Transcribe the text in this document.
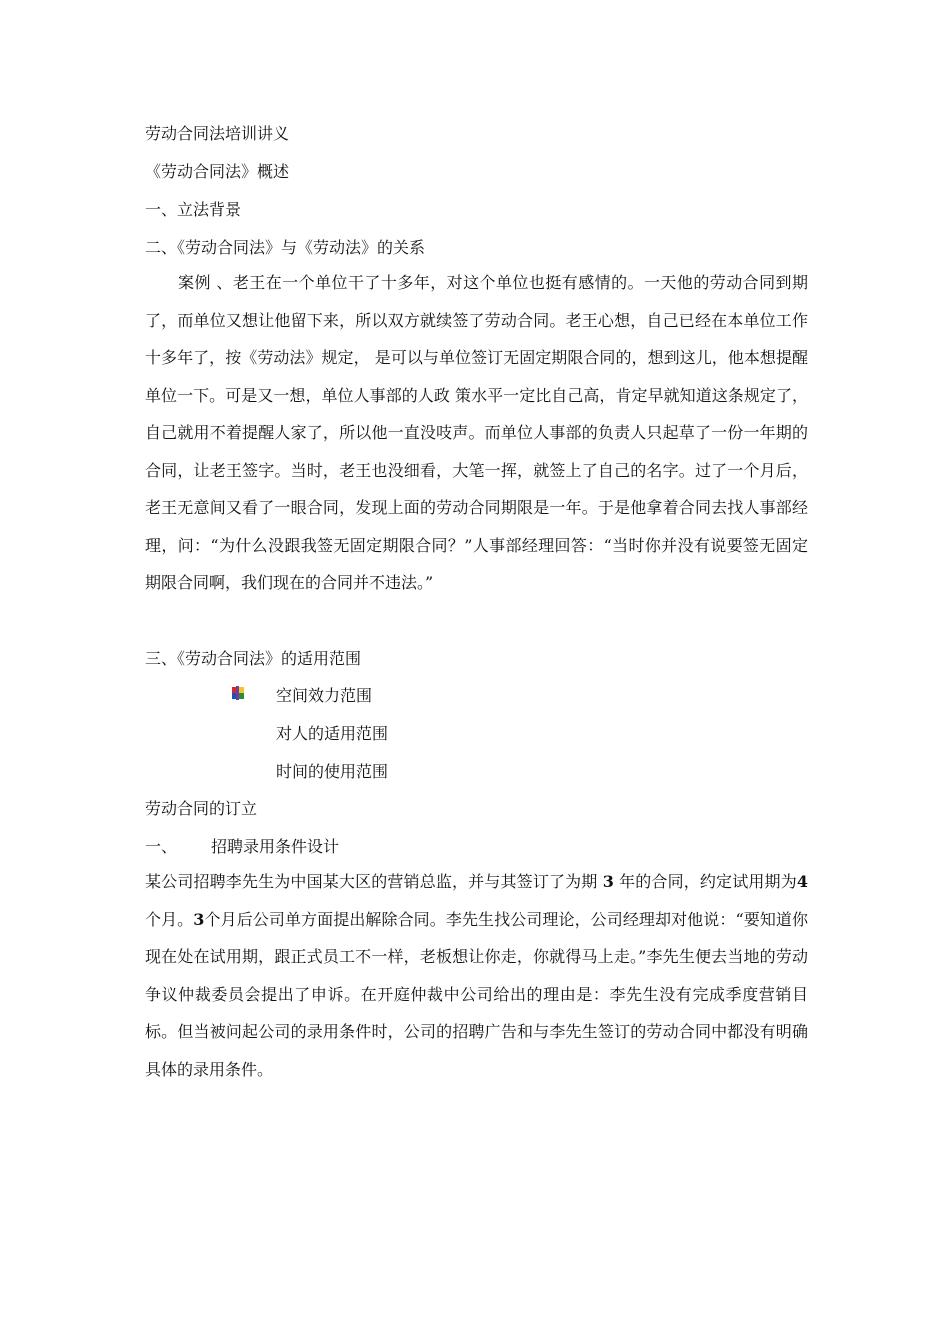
劳动合同法培训讲义
《劳动合同法》概述
一、立法背景
二、《劳动合同法》与《劳动法》的关系
案例 、老王在一个单位干了十多年，对这个单位也挺有感情的。一天他的劳动合同到期了，而单位又想让他留下来，所以双方就续签了劳动合同。老王心想，自己已经在本单位工作十多年了，按《劳动法》规定， 是可以与单位签订无固定期限合同的，想到这儿，他本想提醒单位一下。可是又一想，单位人事部的人政 策水平一定比自己高，肯定早就知道这条规定了，自己就用不着提醒人家了，所以他一直没吱声。而单位人事部的负责人只起草了一份一年期的合同，让老王签字。当时，老王也没细看，大笔一挥，就签上了自己的名字。过了一个月后，老王无意间又看了一眼合同，发现上面的劳动合同期限是一年。于是他拿着合同去找人事部经理，问：“为什么没跟我签无固定期限合同？”人事部经理回答：“当时你并没有说要签无固定 期限合同啊，我们现在的合同并不违法。”
三、《劳动合同法》的适用范围
空间效力范围
对人的适用范围
时间的使用范围
劳动合同的订立
一、 招聘录用条件设计
某公司招聘李先生为中国某大区的营销总监，并与其签订了为期 3 年的合同，约定试用期为4个月。3个月后公司单方面提出解除合同。李先生找公司理论，公司经理却对他说：“要知道你现在处在试用期，跟正式员工不一样，老板想让你走，你就得马上走。”李先生便去当地的劳动争议仲裁委员会提出了申诉。在开庭仲裁中公司给出的理由是：李先生没有完成季度营销目标。但当被问起公司的录用条件时，公司的招聘广告和与李先生签订的劳动合同中都没有明确具体的录用条件。
